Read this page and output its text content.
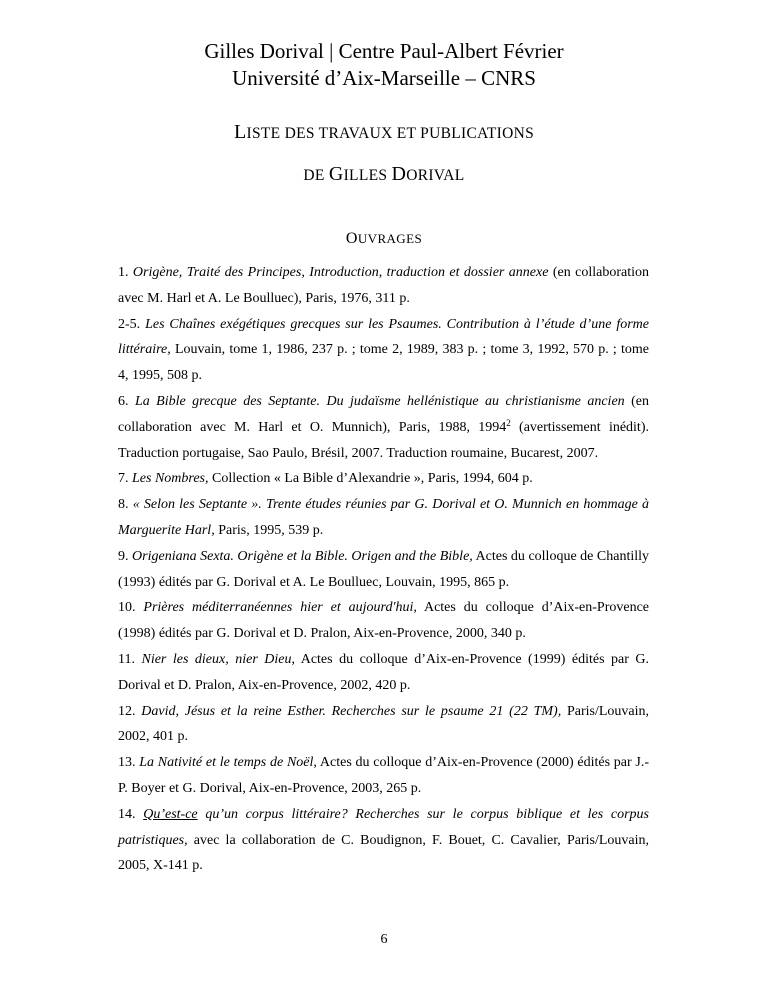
Gilles Dorival | Centre Paul-Albert Février
Université d’Aix-Marseille – CNRS
LISTE DES TRAVAUX ET PUBLICATIONS
DE GILLES DORIVAL
OUVRAGES

1. Origène, Traité des Principes, Introduction, traduction et dossier annexe (en collaboration avec M. Harl et A. Le Boulluec), Paris, 1976, 311 p.

2-5. Les Chaînes exégétiques grecques sur les Psaumes. Contribution à l’étude d’une forme littéraire, Louvain, tome 1, 1986, 237 p. ; tome 2, 1989, 383 p. ; tome 3, 1992, 570 p. ; tome 4, 1995, 508 p.

6. La Bible grecque des Septante. Du judaïsme hellénistique au christianisme ancien (en collaboration avec M. Harl et O. Munnich), Paris, 1988, 1994$^2$ (avertissement inédit). Traduction portugaise, Sao Paulo, Brésil, 2007. Traduction roumaine, Bucarest, 2007.

7. Les Nombres, Collection « La Bible d’Alexandrie », Paris, 1994, 604 p.

8. « Selon les Septante ». Trente études réunies par G. Dorival et O. Munnich en hommage à Marguerite Harl, Paris, 1995, 539 p.

9. Origeniana Sexta. Origène et la Bible. Origen and the Bible, Actes du colloque de Chantilly (1993) édités par G. Dorival et A. Le Boulluec, Louvain, 1995, 865 p.

10. Prières méditerranéennes hier et aujourd'hui, Actes du colloque d’Aix-en-Provence (1998) édités par G. Dorival et D. Pralon, Aix-en-Provence, 2000, 340 p.

11. Nier les dieux, nier Dieu, Actes du colloque d’Aix-en-Provence (1999) édités par G. Dorival et D. Pralon, Aix-en-Provence, 2002, 420 p.

12. David, Jésus et la reine Esther. Recherches sur le psaume 21 (22 TM), Paris/Louvain, 2002, 401 p.

13. La Nativité et le temps de Noël, Actes du colloque d’Aix-en-Provence (2000) édités par J.-P. Boyer et G. Dorival, Aix-en-Provence, 2003, 265 p.

14. Qu’est-ce qu’un corpus littéraire? Recherches sur le corpus biblique et les corpus patristiques, avec la collaboration de C. Boudignon, F. Bouet, C. Cavalier, Paris/Louvain, 2005, X-141 p.

6
